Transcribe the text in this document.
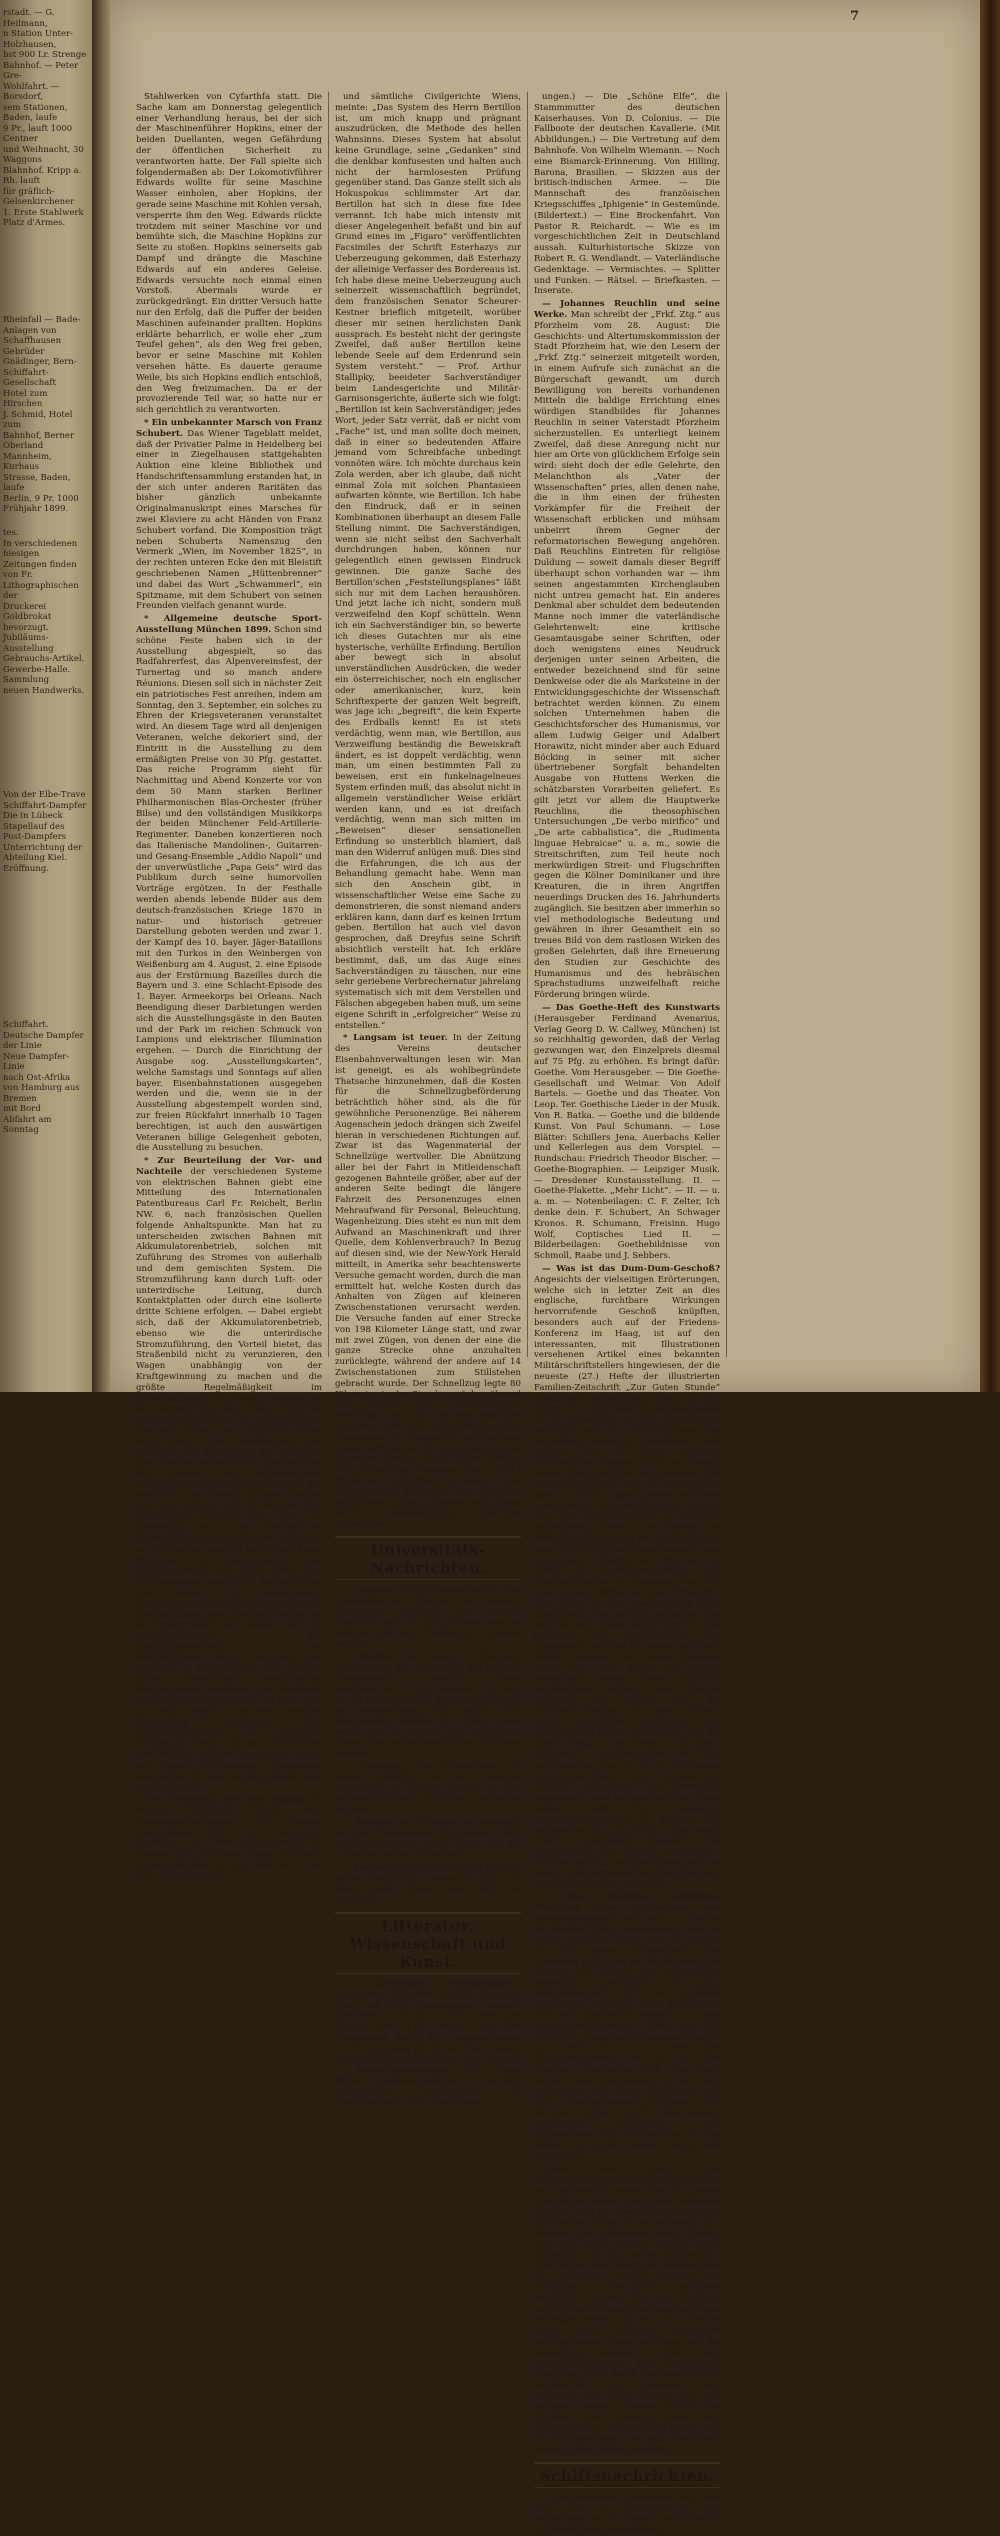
rstadt. — G. Heilmann,
n Station Unter-Holzhausen,
bst 900 Lr. Strenge
Bahnhof. — Peter Gre-
Wohlfahrt. — Borsdorf,
sem Stationen, Baden, laufe
9 Pr., lauft 1000 Centner
und Weihnacht, 30 Waggons
Blahnhof. Kripp a. Rh. lauft
für gräflich-Gelsenkirchener
1. Erste Stahlwerk
Platz d'Armes.
Rheinfall — Bade-
Anlagen von Schaffhausen
Gebrüder Gnädinger, Bern-
Schiffahrt-Gesellschaft
Hotel zum Hirschen
J. Schmid, Hotel zum
Bahnhof, Berner Oberland
Mannheim, Kurhaus
Strasse, Baden, laufe
Berlin, 9 Pr. 1000
Frühjahr 1899.
tes.
In verschiedenen hiesigen
Zeitungen finden von Fr.
Lithographischen der
Druckerei Goldbrokat
bevorzugt.
Jubiläums-Ausstellung
Gebrauchs-Artikel.
Gewerbe-Halle.
Sammlung
neuen Handwerks.
Von der Elbe-Trave
Schiffahrt-Dampfer
Die in Lübeck
Stapellauf des
Post-Dampfers
Unterrichtung der
Abteilung Kiel.
Eröffnung.
Schiffahrt.
Deutsche Dampfer
der Linie
Neue Dampfer-Linie
nach Ost-Afrika
von Hamburg aus
Bremen
mit Bord
Abfahrt am Sonntag
7

Stahlwerken von Cyfarthfa statt. Die Sache kam am Donnerstag gelegentlich einer Verhandlung heraus, bei der sich der Maschinenführer Hopkins, einer der beiden Duellanten, wegen Gefährdung der öffentlichen Sicherheit zu verantworten hatte. Der Fall spielte sich folgendermaßen ab: Der Lokomotivführer Edwards wollte für seine Maschine Wasser einholen, aber Hopkins, der gerade seine Maschine mit Kohlen versah, versperrte ihm den Weg. Edwards rückte trotzdem mit seiner Maschine vor und bemühte sich, die Maschine Hopkins zur Seite zu stoßen. Hopkins seinerseits gab Dampf und drängte die Maschine Edwards auf ein anderes Geleise. Edwards versuchte noch einmal einen Vorstoß. Abermals wurde er zurückgedrängt. Ein dritter Versuch hatte nur den Erfolg, daß die Puffer der beiden Maschinen aufeinander prallten. Hopkins erklärte beharrlich, er wolle eher „zum Teufel gehen“, als den Weg frei geben, bevor er seine Maschine mit Kohlen versehen hätte. Es dauerte geraume Weile, bis sich Hopkins endlich entschloß, den Weg freizumachen. Da er der provozierende Teil war, so hatte nur er sich gerichtlich zu verantworten.

* Ein unbekannter Marsch von Franz Schubert. Das Wiener Tageblatt meldet, daß der Privatier Palme in Heidelberg bei einer in Ziegelhausen stattgehabten Auktion eine kleine Bibliothek und Handschriftensammlung erstanden hat, in der sich unter anderen Raritäten das bisher gänzlich unbekannte Originalmanuskript eines Marsches für zwei Klaviere zu acht Händen von Franz Schubert vorfand. Die Komposition trägt neben Schuberts Namenszug den Vermerk „Wien, im November 1825“, in der rechten unteren Ecke den mit Bleistift geschriebenen Namen „Hüttenbrenner“ und dabei das Wort „Schwammerl“, ein Spitzname, mit dem Schubert von seinen Freunden vielfach genannt wurde.

* Allgemeine deutsche Sport-Ausstellung München 1899. Schon sind schöne Feste haben sich in der Ausstellung abgespielt, so das Radfahrerfest, das Alpenvereinsfest, der Turnertag und so manch andere Réunions. Diesen soll sich in nächster Zeit ein patriotisches Fest anreihen, indem am Sonntag, den 3. September, ein solches zu Ehren der Kriegsveteranen veranstaltet wird. An diesem Tage wird all denjenigen Veteranen, welche dekoriert sind, der Eintritt in die Ausstellung zu dem ermäßigten Preise von 30 Pfg. gestattet. Das reiche Programm sieht für Nachmittag und Abend Konzerte vor von dem 50 Mann starken Berliner Philharmonischen Blas-Orchester (früher Bilse) und den vollständigen Musikkorps der beiden Münchener Feld-Artillerie-Regimenter. Daneben konzertieren noch das Italienische Mandolinen-, Guitarren- und Gesang-Ensemble „Addio Napoli“ und der unverwüstliche „Papa Geis“ wird das Publikum durch seine humorvollen Vorträge ergötzen. In der Festhalle werden abends lebende Bilder aus dem deutsch-französischen Kriege 1870 in natur- und historisch getreuer Darstellung geboten werden und zwar 1. der Kampf des 10. bayer. Jäger-Bataillons mit den Turkos in den Weinbergen von Weißenburg am 4. August, 2. eine Episode aus der Erstürmung Bazeilles durch die Bayern und 3. eine Schlacht-Episode des 1. Bayer. Armeekorps bei Orleans. Nach Beendigung dieser Darbietungen werden sich die Ausstellungsgäste in den Bauten und der Park im reichen Schmuck von Lampions und elektrischer Illumination ergehen. — Durch die Einrichtung der Ausgabe sog. „Ausstellungskarten“, welche Samstags und Sonntags auf allen bayer. Eisenbahnstationen ausgegeben werden und die, wenn sie in der Ausstellung abgestempelt worden sind, zur freien Rückfahrt innerhalb 10 Tagen berechtigen, ist auch den auswärtigen Veteranen billige Gelegenheit geboten, die Ausstellung zu besuchen.

* Zur Beurteilung der Vor- und Nachteile der verschiedenen Systeme von elektrischen Bahnen giebt eine Mitteilung des Internationalen Patentbureaus Carl Fr. Reichelt, Berlin NW. 6, nach französischen Quellen folgende Anhaltspunkte. Man hat zu unterscheiden zwischen Bahnen mit Akkumulatorenbetrieb, solchen mit Zuführung des Stromes von außerhalb und dem gemischten System. Die Stromzuführung kann durch Luft- oder unterirdische Leitung, durch Kontaktplatten oder durch eine isolierte dritte Schiene erfolgen. — Dabei ergiebt sich, daß der Akkumulatorenbetrieb, ebenso wie die unterirdische Stromzuführung, den Vorteil bietet, das Straßenbild nicht zu verunzieren, den Wagen unabhängig von der Kraftgewinnung zu machen und die größte Regelmäßigkeit im Stromverbrauch zu sichern. Dagegen ist die Vermehrung des toten Gewichts außerordentlich groß, der Betriebskosten sind sehr hohe, und schließlich findet auch durch die Ausdünstung der Batterien eine Belästigung der Fahrgäste statt. Bei der oberirdischen Zuleitung sind die Anlage- und Betriebskosten verhältnismäßig gering, auch stellt sie das einfachste und deshalb sicherste System dar, das übrigens auf 95 Prozent aller elektrischen Bahnen der Erde in Anwendung ist. — Die unterirdische Stromzuführung macht Masten, Träger u. in den Straßen unnötig und bringt keine Störungen im telegraphischen und Telephonbetrieb mit sich, aber ihre Betriebskosten sind sehr beträchtliche. Das System der gemeinsamen Anwendung von oberirdischer Leitung mit Akkumulatoren oder Bodenzuführung ist im Innenverkehr der Städte und für Unterbrechungen des Empfehlenswerteste. — Die Kontaktleitung durch zwischen den Schienen in Entfernungen von je einer halben Wagenlänge eingeschaltete Kontaktplatten vermeidet die Nachteile der erstgenannten Systeme, ist aber noch zu wenig erprobt, um eine gerechte Beurteilung zuzulassen. Das Dreischienensystem mit isolierter Zuführungsschiene, besitzt Einfachheit und Billigkeit auf der Hand liegt, ist nur auf einem freiliegenden Bahndamm anwendbar, für den Straßenverkehr aber ausgeschlossen.

* M. Bertillon und sein System. Im Wiener Extrablatt liegen zwei Meinungsäußerungen von Wiener Graphologen über das Gutachten Bertillons vor dem Kriegsgericht in Rennes vor. Professor Franz Kirchner, Sachverständiger im Schreibfache für das k. k. Handelsgericht

und sämtliche Civilgerichte Wiens, meinte: „Das System des Herrn Bertillon ist, um mich knapp und prägnant auszudrücken, die Methode des hellen Wahnsinns. Dieses System hat absolut keine Grundlage, seine „Gedanken“ sind die denkbar konfusesten und halten auch nicht der harmlosesten Prüfung gegenüber stand. Das Ganze stellt sich als Hokuspokus schlimmster Art dar. Bertillon hat sich in diese fixe Idee verrannt. Ich habe mich intensiv mit dieser Angelegenheit befaßt und bin auf Grund eines im „Figaro“ veröffentlichten Facsimiles der Schrift Esterhazys zur Ueberzeugung gekommen, daß Esterhazy der alleinige Verfasser des Bordereaus ist. Ich habe diese meine Ueberzeugung auch seinerzeit wissenschaftlich begründet, dem französischen Senator Scheurer-Kestner brieflich mitgeteilt, worüber dieser mir seinen herzlichsten Dank aussprach. Es besteht nicht der geringste Zweifel, daß außer Bertillon keine lebende Seele auf dem Erdenrund sein System versteht.“ — Prof. Arthur Stallipky, beeideter Sachverständiger beim Landesgerichte und Militär-Garnisonsgerichte, äußerte sich wie folgt: „Bertillon ist kein Sachverständiger; jedes Wort, jeder Satz verrät, daß er nicht vom „Fache“ ist, und man sollte doch meinen, daß in einer so bedeutenden Affaire jemand vom Schreibfache unbedingt vonnöten wäre. Ich möchte durchaus kein Zola werden, aber ich glaube, daß nicht einmal Zola mit solchen Phantasieen aufwarten könnte, wie Bertillon. Ich habe den Eindruck, daß er in seinen Kombinationen überhaupt an diesem Falle Stellung nimmt. Die Sachverständigen, wenn sie nicht selbst den Sachverhalt durchdrungen haben, können nur gelegentlich einen gewissen Eindruck gewinnen. Die ganze Sache des Bertillon'schen „Feststellungsplanes“ läßt sich nur mit dem Lachen heraushören. Und jetzt lache ich nicht, sondern muß verzweifelnd den Kopf schütteln. Wenn ich ein Sachverständiger bin, so bewerte ich dieses Gutachten nur als eine hysterische, verhüllte Erfindung. Bertillon aber bewegt sich in absolut unverständlichen Ausdrücken, die weder ein österreichischer, noch ein englischer oder amerikanischer, kurz, kein Schriftexperte der ganzen Welt begreift, was jage ich: „begreift“, die kein Experte des Erdballs kennt! Es ist stets verdächtig, wenn man, wie Bertillon, aus Verzweiflung beständig die Beweiskraft ändert, es ist doppelt verdächtig, wenn man, um einen bestimmten Fall zu beweisen, erst ein funkelnagelneues System erfinden muß, das absolut nicht in allgemein verständlicher Weise erklärt werden kann, und es ist dreifach verdächtig, wenn man sich mitten im „Beweisen“ dieser sensationellen Erfindung so unsterblich blamiert, daß man den Widerruf anlügen muß. Dies sind die Erfahrungen, die ich aus der Behandlung gemacht habe. Wenn man sich den Anschein gibt, in wissenschaftlicher Weise eine Sache zu demonstrieren, die sonst niemand anders erklären kann, dann darf es keinen Irrtum geben. Bertillon hat auch viel davon gesprochen, daß Dreyfus seine Schrift absichtlich verstellt hat. Ich erkläre bestimmt, daß, um das Auge eines Sachverständigen zu täuschen, nur eine sehr geriebene Verbrechernatur jahrelang systematisch sich mit dem Verstellen und Fälschen abgegeben haben muß, um seine eigene Schrift in „erfolgreicher“ Weise zu entstellen.“

* Langsam ist teuer. In der Zeitung des Vereins deutscher Eisenbahnverwaltungen lesen wir: Man ist geneigt, es als wohlbegründete Thatsache hinzunehmen, daß die Kosten für die Schnellzugbeförderung beträchtlich höher sind, als die für gewöhnliche Personenzüge. Bei näherem Augenschein jedoch drängen sich Zweifel hieran in verschiedenen Richtungen auf. Zwar ist das Wagenmaterial der Schnellzüge wertvoller. Die Abnützung aller bei der Fahrt in Mitleidenschaft gezogenen Bahnteile größer, aber auf der anderen Seite bedingt die längere Fahrzeit des Personenzuges einen Mehraufwand für Personal, Beleuchtung, Wagenheizung. Dies steht es nun mit dem Aufwand an Maschinenkraft und ihrer Quelle, dem Kohlenverbrauch? In Bezug auf diesen sind, wie der New-York Herald mitteilt, in Amerika sehr beachtenswerte Versuche gemacht worden, durch die man ermittelt hat, welche Kosten durch das Anhalten von Zügen auf kleineren Zwischenstationen verursacht werden. Die Versuche fanden auf einer Strecke von 198 Kilometer Länge statt, und zwar mit zwei Zügen, von denen der eine die ganze Strecke ohne anzuhalten zurücklegte, während der andere auf 14 Zwischenstationen zum Stillstehen gebracht wurde. Der Schnellzug legte 80 Kilometer in der Stunde zurück, während der Führer des „Bummelzuges“ beauftragt war, die auf den Stationen verlorene Zeit nach Möglichkeit wieder einzuholen. Die Lokomotive des letzteren Zuges verbrauchte für Zurücklegung der gesamten Strecke 11,400 Pfund Kohlen, der Schnellzug dagegen nur 10,317 Pfund; ein Unterschied von nahezu einer halben Tonne Brennstoff. Für die nicht anhaltenden Züge ergaben sich somit nicht unbeträchtliche jährliche Ersparnisse.

Universitäts-Nachrichten.

— Berlin. Die Privatdozenten in der philosophischen Fakultät der hiesigen Universität, Professor Dr. Richard Sternfeld und Dr. Otto Hintze sind zu außerordentlichen Professoren ernannt worden.

— Berlin. Zwei hiesige Professoren begingen am 30. August, wie das Berliner Fremdenblatt mitteilt, einen akademischen Erinnerungstag. Der eine ist der Chemiker Geh. Regierungsrat Prof. Dr. Rammelsberg, der andere Geh. Medizinalrat Professor Dr. Fritsch. Jener wurde vor 25 Jahren zum Ordinarius, dieser zum außerordentlichen Professor ernannt.

— Freiburg. Der Privatdozent für innere Medizin an der hiesigen Universität Dr. Gustav Treupel ist zum außerordentlichen Professor befördert worden.

— Aachen. Der Professor der Mechanik an der Technischen Hochschule Geh. Regierungsrat Dr. August Ritter tritt am 1. Oktober in den Ruhestand.

— Leiden. Am 25. August starb hier der Rector Magnificus Germanist Prof. Dr. Peter Jakob Cosyn (geb. 1840 zu Rysbroek).

Litteratur, Wissenschaft und Kunst.

— „Deutscher Soldatenhort“, Illustrierte Zeitschrift für das deutsche Heer und Volk. Herausgeber: General-Lieutenant z. D. H. v. Below. Preis pro Quartal Mk. 1.80. Verlag von Karl Siegismund, Berlin SW., Dessauerstraße 13. 10. Jahrgang Nr. 34, erschien soeben und enthält: Manövergäste. Von H. Justi. — Momentphotographie. Von Hugo Müller, Bibliotheks-Assistent an der Kgl. Technischen Hochschule in Charlottenburg. (Mit Abbildungen.)

ungen.) — Die „Schöne Elfe“, die Stammmutter des deutschen Kaiserhauses. Von D. Colonius. — Die Fallboote der deutschen Kavallerie. (Mit Abbildungen.) — Die Vertretung auf dem Bahnhofe. Von Wilhelm Wiemann. — Noch eine Bismarck-Erinnerung. Von Hilling, Barona, Brasilien. — Skizzen aus der britisch-indischen Armee. — Die Mannschaft des französischen Kriegsschiffes „Iphigenie“ in Gestemünde. (Bildertext.) — Eine Brockenfahrt. Von Pastor R. Reichardt. — Wie es im vorgeschichtlichen Zeit in Deutschland aussah. Kulturhistorische Skizze von Robert R. G. Wendlandt. — Vaterländische Gedenktage. — Vermischtes. — Splitter und Funken. — Rätsel. — Briefkasten. — Inserate.

— Johannes Reuchlin und seine Werke. Man schreibt der „Frkf. Ztg.“ aus Pforzheim vom 28. August: Die Geschichts- und Altertumskommission der Stadt Pforzheim hat, wie den Lesern der „Frkf. Ztg.“ seinerzeit mitgeteilt worden, in einem Aufrufe sich zunächst an die Bürgerschaft gewandt, um durch Bewilligung von bereits vorhandenen Mitteln die baldige Errichtung eines würdigen Standbildes für Johannes Reuchlin in seiner Vaterstadt Pforzheim sicherzustellen. Es unterliegt keinem Zweifel, daß diese Anregung nicht nur hier am Orte von glücklichem Erfolge sein wird: sieht doch der edle Gelehrte, den Melanchthon als „Vater der Wissenschaften“ pries, allen denen nahe, die in ihm einen der frühesten Vorkämpfer für die Freiheit der Wissenschaft erblicken und mühsam unbeirrt ihrem Gegner der reformatorischen Bewegung angehören. Daß Reuchlins Eintreten für religiöse Duldung — soweit damals dieser Begriff überhaupt schon vorhanden war — ihm seinen angestammten Kirchenglauben nicht untreu gemacht hat. Ein anderes Denkmal aber schuldet dem bedeutenden Manne noch immer die vaterländische Gelehrtenwelt: eine kritische Gesamtausgabe seiner Schriften, oder doch wenigstens eines Neudruck derjenigen unter seinen Arbeiten, die entweder bezeichnend sind für seine Denkweise oder die als Marksteine in der Entwicklungsgeschichte der Wissenschaft betrachtet werden können. Zu einem solchen Unternehmen haben die Geschichtsforscher des Humanismus, vor allem Ludwig Geiger und Adalbert Horawitz, nicht minder aber auch Eduard Böcking in seiner mit sicher übertriebener Sorgfalt behandelten Ausgabe von Huttens Werken die schätzbarsten Vorarbeiten geliefert. Es gilt jetzt vor allem die Hauptwerke Reuchlins, die theosophischen Untersuchungen „De verbo mirifico“ und „De arte cabbalistica“, die „Rudimenta linguae Hebraicae“ u. a. m., sowie die Streitschriften, zum Teil heute noch merkwürdigen Streit- und Flugschriften gegen die Kölner Dominikaner und ihre Kreaturen, die in ihren Angriffen neuerdings Drucken des 16. Jahrhunderts zugänglich. Sie besitzen aber immerhin so viel methodologische Bedeutung und gewähren in ihrer Gesamtheit ein so treues Bild von dem rastlosen Wirken des großen Gelehrten, daß ihre Erneuerung den Studien zur Geschichte des Humanismus und des hebräischen Sprachstudiums unzweifelhaft reiche Förderung bringen würde.

— Das Goethe-Heft des Kunstwarts (Herausgeber Ferdinand Avenarius, Verlag Georg D. W. Callwey, München) ist so reichhaltig geworden, daß der Verlag gezwungen war, den Einzelpreis diesmal auf 75 Pfg. zu erhöhen. Es bringt dafür: Goethe. Vom Herausgeber. — Die Goethe-Gesellschaft und Weimar. Von Adolf Bartels. — Goethe und das Theater. Von Leop. Ter. Goethische Lieder in der Musik. Von R. Batka. — Goethe und die bildende Kunst. Von Paul Schumann. — Lose Blätter: Schillers Jena, Auerbachs Keller und Kellerlegen aus dem Vorspiel. — Rundschau: Friedrich Theodor Bischer. — Goethe-Biographien. — Leipziger Musik. — Dresdener Kunstausstellung. II. — Goethe-Plakette. „Mehr Licht“. — II. — u. a. m. — Notenbeilagen: C. F. Zelter, Ich denke dein. F. Schubert, An Schwager Kronos. R. Schumann, Freisinn. Hugo Wolf, Coptisches Lied II. — Bilderbeilagen: Goethebildnisse von Schmoll, Raabe und J. Sebbers.

— Was ist das Dum-Dum-Geschoß? Angesichts der vielseitigen Erörterungen, welche sich in letzter Zeit an dies englische, furchtbare Wirkungen hervorrufende Geschoß knüpften, besonders auch auf der Friedens-Konferenz im Haag, ist auf den interessanten, mit Illustrationen versehenen Artikel eines bekannten Militärschriftstellers hingewiesen, der die neueste (27.) Hefte der illustrierten Familien-Zeitschrift „Zur Guten Stunde“ (Deutsches Verlagshaus Bong & Co., Berlin W. — Preis des Vierzehntagsheftes 40 Pf.) behandelt. Es wird des Näheren berichtet, wie im Tschitralkriege die englischen Soldaten bemerkten, daß manche der von einem Geschoß durchbohrten Gegner noch im Stande waren, fortzuflüchten und geraume Zeit kampffähig blieben, um wie die Soldaten dann zuwählt zugeschnittene Patronen verwendeten. Es wurde dann der Versuch, auf der Munitionsfabrik in Kalkutta aufgenommen wurde. — Wir begegnen in demselben Hefte auch im übrigen wieder einer Fülle trefflicher unterhaltender und anregender Bildermotive. Während die Karte der Interessenssphären und Eisenbahnbauten in Ostasien, ein viel besprochenes Mittel ist, den Fortschritt, den Italien bei der Ausgestaltung ihrer Kunst Bilder von Industrie in Mexiko und anderes und mitten hineinführen in das politische und Verkehrsleben der Gegenwart, während die beiden größeren Werke „Irrwege“ von Gustav Johannes Krauß und „Eine Sorge“ von Philipp Wengerhoff sowie andere kleinere unterhaltende Beiträge unter Gewinn angenehm und fesseln weiß, die illustrierte Beilage „Für unsere Frauen“ wieder praktische Belehrung und Ratschläge in großer Zahl bietet, und die Gratis-Beilage „Illustrierte Klassiker-Bibliothek“, Meisternovellen des XIX. Jahrhunderts, mit E. T. A. Hoffmanns packendem Werke „Das Fräulein von Scuderi“ fortgesetzt. Der demnächst beginnende neue Jahrgang soll mit einem neuen Werk der bekannten Romanschriftstellerin E. Werner, der Verfasserin von „Am Altar“, „Um hohen Preis“, „Gesprengte Fesseln“, „Ein Gottesurteil“ usw. betitelt „Tagesgold“, eröffnet werden, und gleichzeitig soll ein neuer Großstadtroman von Dora Duncker, „Die Glückssucher“, beginnen.

— Eine elektrisch betriebene Maschine zum Aufbrechen des Straßenpflasters wird jetzt in Amerika mit bestem Erfolge angewendet, wenn es gilt, in möglichst kurzer Zeit ein Legung zu Gas, Kanal, Telegraphen- und Leitungen Leitungen im Untergrunde von Straßen zu öffnen. Die eigenartige, sinnreiche Konstruktion der ganz außerordentlich gut im Arbeiten befindlichen Maschine wird durch Wort und Bild ausführlich erläutert in dem soeben erschienenen 3. Hefte von „Für Alle Welt“ (Deutsches Verlagshaus Bong & Co., Berlin W. 57 — Preis des Vierzehntagsheftes 40 Pf.). In dem prächtig illustrierten Heft, das auch weitere sehr interessante Artikel über Fortschritte und neue Erfindungen auf den verschiedensten Gebieten der Technik, vielfach durch Illustrationen anschaulich dargestellt. Der unterhaltende und künstlerische Teil des Heftes ist nicht minder reich und anziehend.

Ueber das Leben und Lebensgewohnheiten des Erzherzogs Otto von Oesterreich, sowie über die innere Einrichtung seines herrlichen Schlosses Schönau wird der Leser durch einen reich illustrierten Aufsatz in der neuesten (25.) Nummer der „Modernen Kunst“ (Verlag von Rich. Bong, Berlin, Leipzig, Wien, Stuttgart) auf das Beste unterrichtet. Auch wegen ihres sonstigen Inhaltes kann die besondere schöne Nummer der prächtigen Zeitschrift bringend empfohlen werden. Von den durchaus vorzüglichen bildnerischen und textlichen Beiträgen erster Autoren und Künstler seien noch folgende besonders hervorgehoben: Ueber das Leben und die Bedeutung Alexander Petöfis; über Spiegelphotographie. Eine interessante Abbildung führt Sarah Bernhardt in der Gesellschaft ihrer Lieblinge, einer Schlange und eines Tigers vor. Der laufende Roman „Blonde Teufel“ von Günther von Freiberg, sowie der fortlaufend zur Unterhaltung bietet, und die Schlussbeilagen und sind illustrativer Schmuck des Heftes ebenbürtig.

Schiffsnachrichten.

— Der Dampfer „Aragonia“ der „Red Star Linie“ in Antwerpen ist laut Telegramm am 30. August wohlbehalten in Philadelphia angekommen.
